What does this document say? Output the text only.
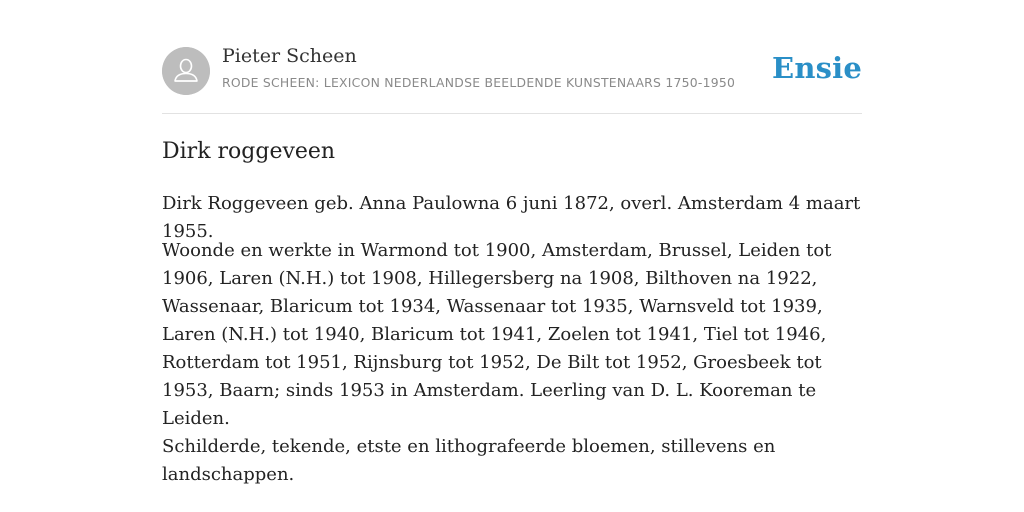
Pieter Scheen
RODE SCHEEN: LEXICON NEDERLANDSE BEELDENDE KUNSTENAARS 1750-1950 Ensie
Dirk roggeveen

Dirk Roggeveen geb. Anna Paulowna 6 juni 1872, overl. Amsterdam 4 maart 1955.

Woonde en werkte in Warmond tot 1900, Amsterdam, Brussel, Leiden tot 1906, Laren (N.H.) tot 1908, Hillegersberg na 1908, Bilthoven na 1922, Wassenaar, Blaricum tot 1934, Wassenaar tot 1935, Warnsveld tot 1939, Laren (N.H.) tot 1940, Blaricum tot 1941, Zoelen tot 1941, Tiel tot 1946, Rotterdam tot 1951, Rijnsburg tot 1952, De Bilt tot 1952, Groesbeek tot 1953, Baarn; sinds 1953 in Amsterdam. Leerling van D. L. Kooreman te Leiden.

Schilderde, tekende, etste en lithografeerde bloemen, stillevens en landschappen.
